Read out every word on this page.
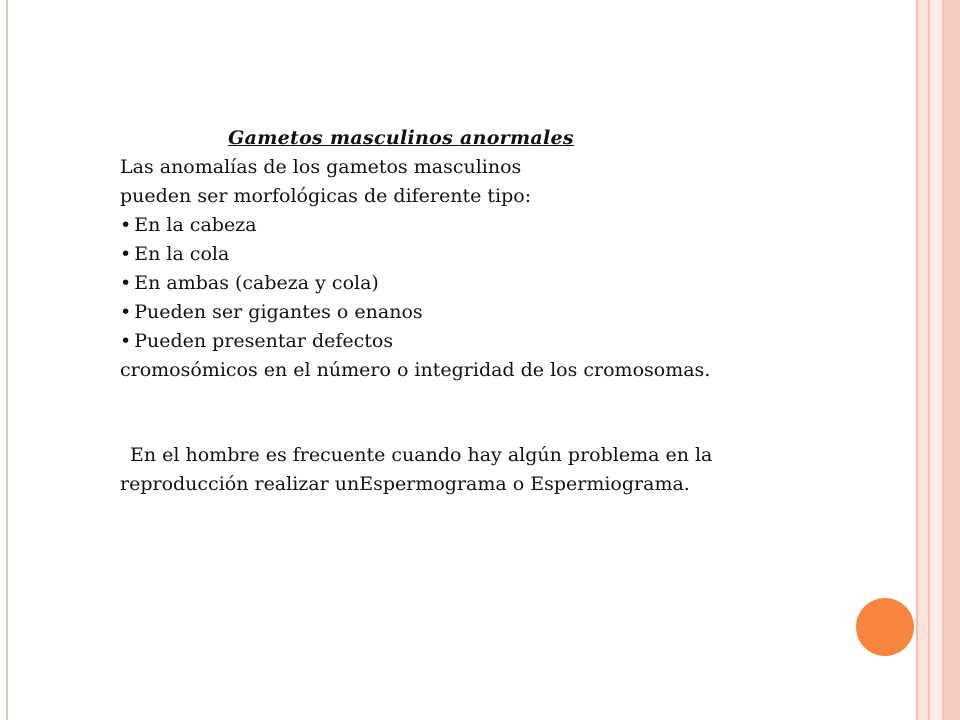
Gametos masculinos anormales
Las anomalías de los gametos masculinos
pueden ser morfológicas de diferente tipo:
• En la cabeza
• En la cola
• En ambas (cabeza y cola)
• Pueden ser gigantes o enanos
• Pueden presentar defectos
cromosómicos en el número o integridad de los cromosomas.
En el hombre es frecuente cuando hay algún problema en la
reproducción realizar unEspermograma o Espermiograma.
